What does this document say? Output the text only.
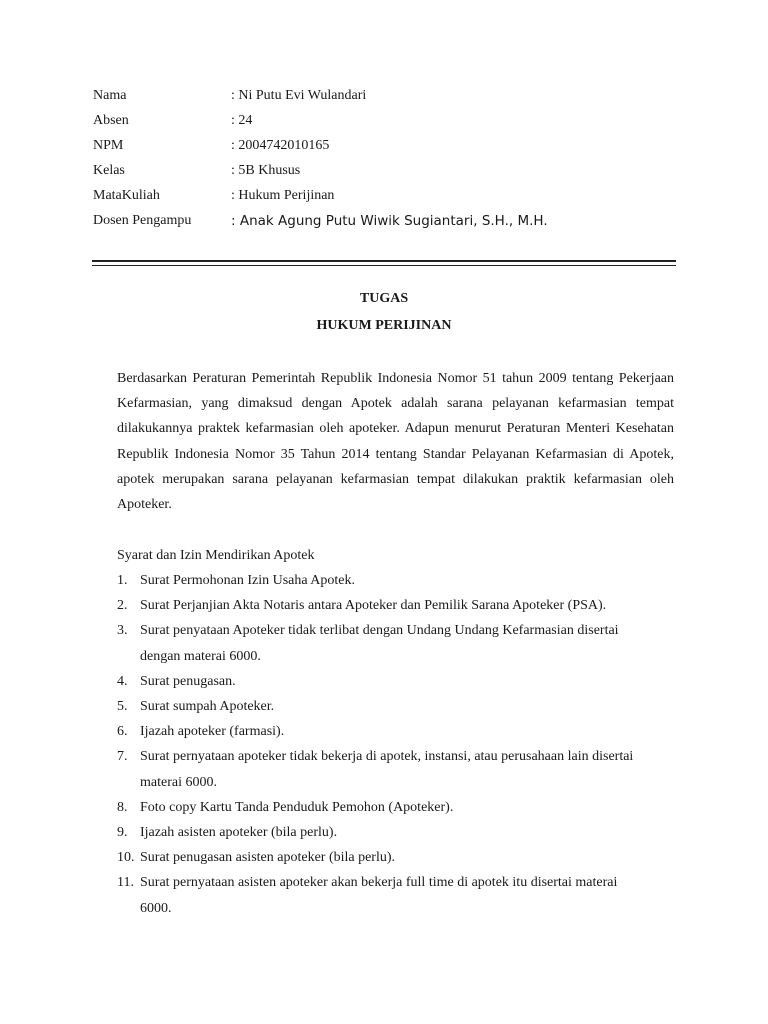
Nama	: Ni Putu Evi Wulandari
Absen	: 24
NPM	: 2004742010165
Kelas	: 5B Khusus
MataKuliah	: Hukum Perijinan
Dosen Pengampu	: Anak Agung Putu Wiwik Sugiantari, S.H., M.H.
TUGAS
HUKUM PERIJINAN

Berdasarkan Peraturan Pemerintah Republik Indonesia Nomor 51 tahun 2009 tentang Pekerjaan Kefarmasian, yang dimaksud dengan Apotek adalah sarana pelayanan kefarmasian tempat dilakukannya praktek kefarmasian oleh apoteker. Adapun menurut Peraturan Menteri Kesehatan Republik Indonesia Nomor 35 Tahun 2014 tentang Standar Pelayanan Kefarmasian di Apotek, apotek merupakan sarana pelayanan kefarmasian tempat dilakukan praktik kefarmasian oleh Apoteker.

Syarat dan Izin Mendirikan Apotek
1. Surat Permohonan Izin Usaha Apotek.
2. Surat Perjanjian Akta Notaris antara Apoteker dan Pemilik Sarana Apoteker (PSA).
3. Surat penyataan Apoteker tidak terlibat dengan Undang Undang Kefarmasian disertai
dengan materai 6000.
4. Surat penugasan.
5. Surat sumpah Apoteker.
6. Ijazah apoteker (farmasi).
7. Surat pernyataan apoteker tidak bekerja di apotek, instansi, atau perusahaan lain disertai
materai 6000.
8. Foto copy Kartu Tanda Penduduk Pemohon (Apoteker).
9. Ijazah asisten apoteker (bila perlu).
10. Surat penugasan asisten apoteker (bila perlu).
11. Surat pernyataan asisten apoteker akan bekerja full time di apotek itu disertai materai
6000.
